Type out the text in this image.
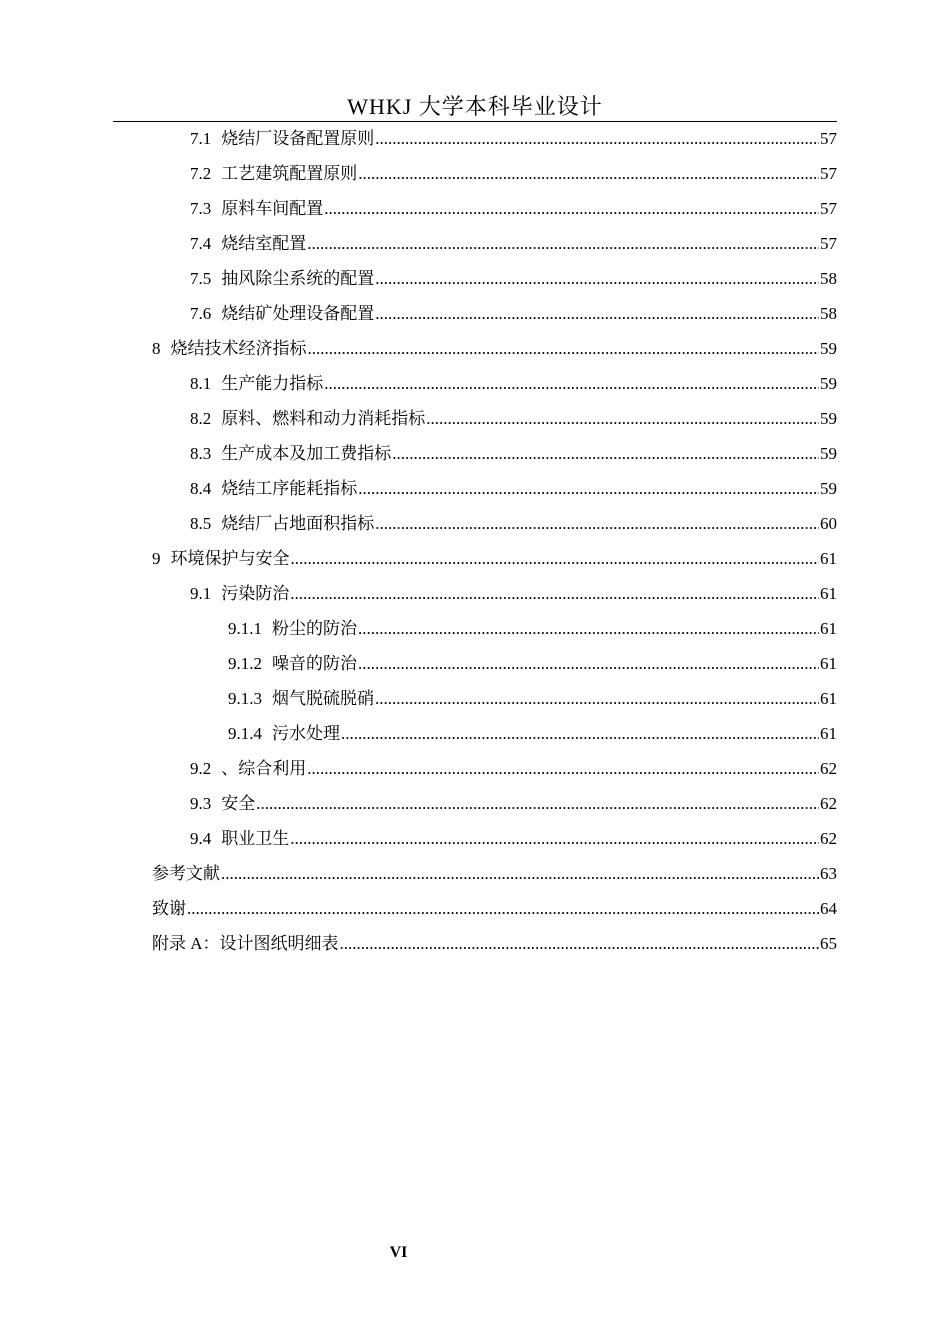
WHKJ 大学本科毕业设计
7.1 烧结厂设备配置原则 .....	57
7.2 工艺建筑配置原则 .....	57
7.3 原料车间配置 .....	57
7.4 烧结室配置 .....	57
7.5 抽风除尘系统的配置 .....	58
7.6 烧结矿处理设备配置 .....	58
8 烧结技术经济指标 .....	59
8.1 生产能力指标 .....	59
8.2 原料、燃料和动力消耗指标 .....	59
8.3 生产成本及加工费指标 .....	59
8.4 烧结工序能耗指标 .....	59
8.5 烧结厂占地面积指标 .....	60
9 环境保护与安全 .....	61
9.1 污染防治 .....	61
9.1.1 粉尘的防治 .....	61
9.1.2 噪音的防治 .....	61
9.1.3 烟气脱硫脱硝 .....	61
9.1.4 污水处理 .....	61
9.2 、综合利用 .....	62
9.3 安全 .....	62
9.4 职业卫生 .....	62
参考文献 .....	63
致谢 .....	64
附录 A：设计图纸明细表 .....	65
VI
